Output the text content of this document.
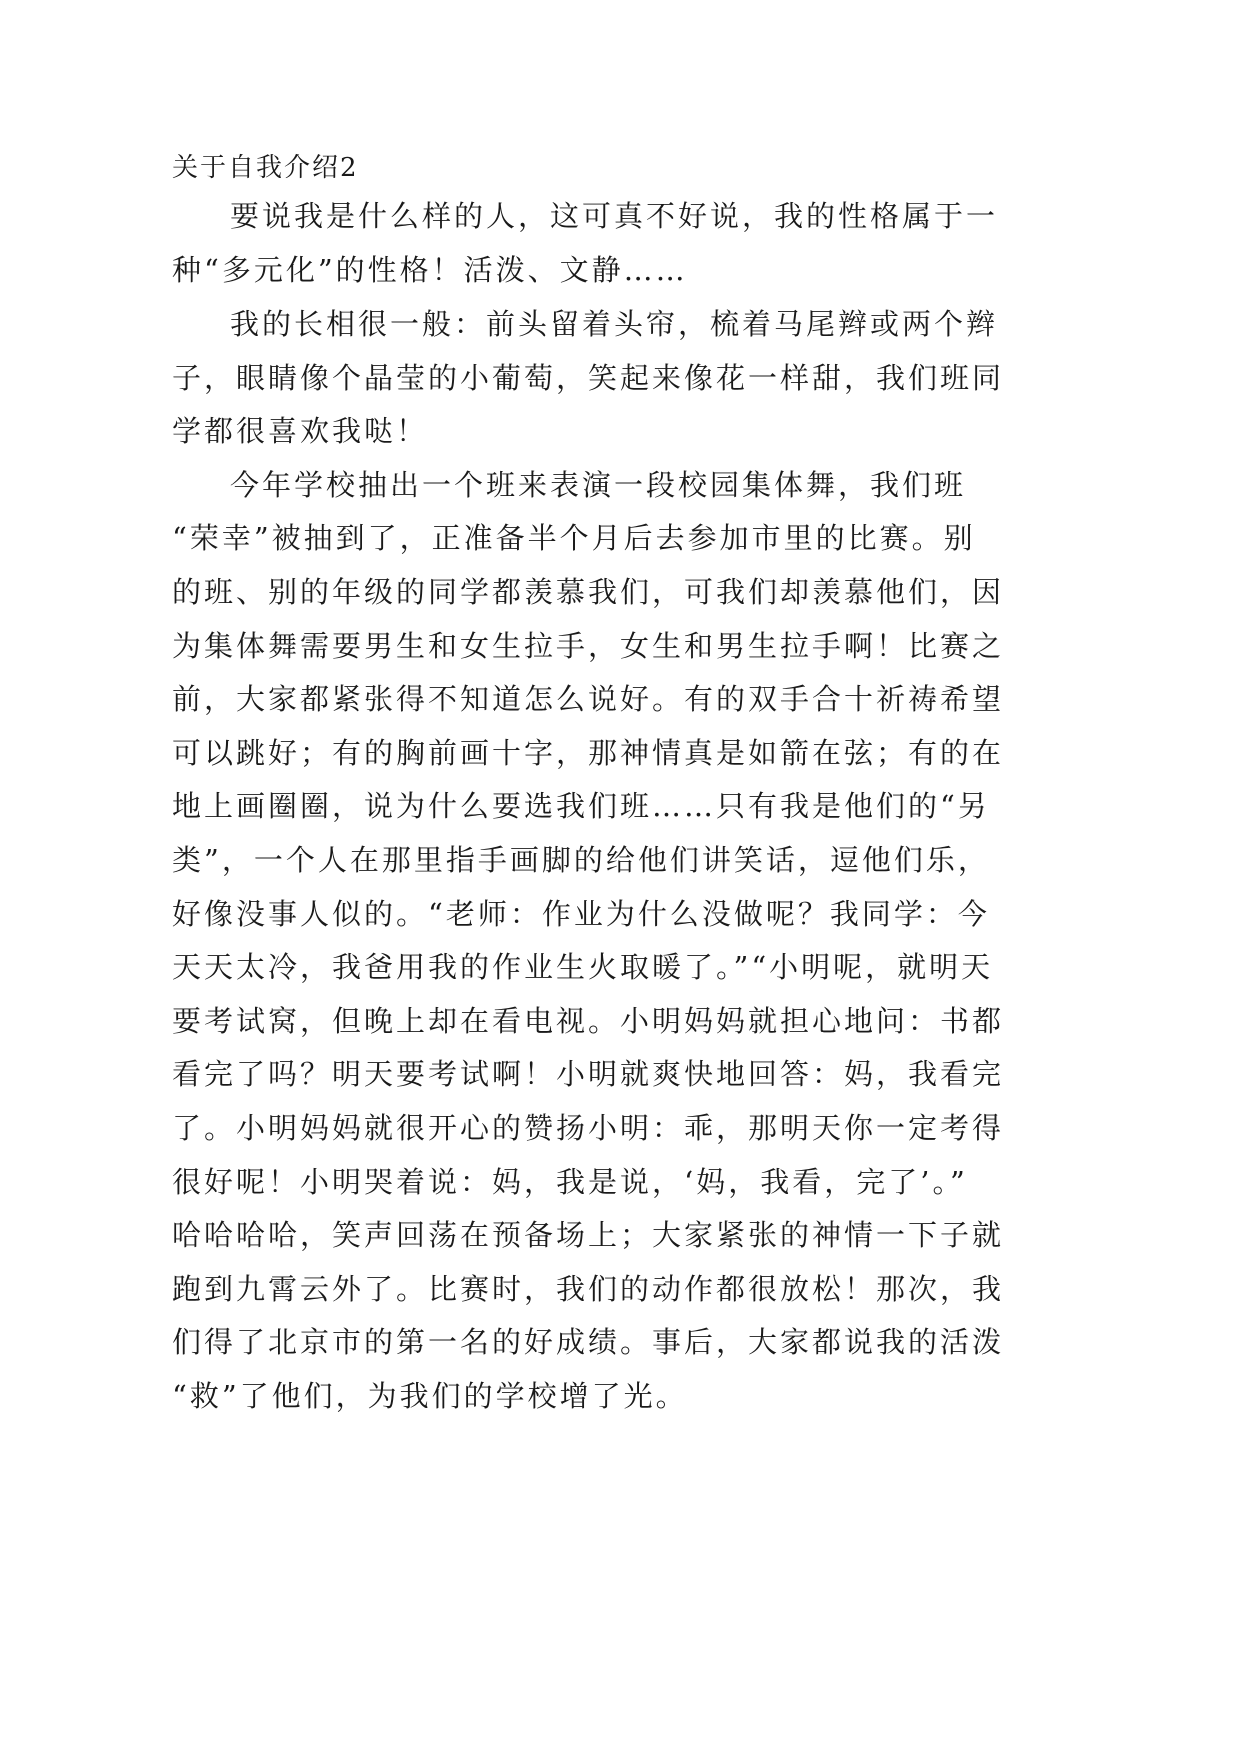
关于自我介绍2
要说我是什么样的人，这可真不好说，我的性格属于一
种“多元化”的性格！活泼、文静……
我的长相很一般：前头留着头帘，梳着马尾辫或两个辫
子，眼睛像个晶莹的小葡萄，笑起来像花一样甜，我们班同
学都很喜欢我哒！
今年学校抽出一个班来表演一段校园集体舞，我们班
“荣幸”被抽到了，正准备半个月后去参加市里的比赛。别
的班、别的年级的同学都羡慕我们，可我们却羡慕他们，因
为集体舞需要男生和女生拉手，女生和男生拉手啊！比赛之
前，大家都紧张得不知道怎么说好。有的双手合十祈祷希望
可以跳好；有的胸前画十字，那神情真是如箭在弦；有的在
地上画圈圈，说为什么要选我们班……只有我是他们的“另
类”，一个人在那里指手画脚的给他们讲笑话，逗他们乐，
好像没事人似的。“老师：作业为什么没做呢？我同学：今
天天太冷，我爸用我的作业生火取暖了。”“小明呢，就明天
要考试窝，但晚上却在看电视。小明妈妈就担心地问：书都
看完了吗？明天要考试啊！小明就爽快地回答：妈，我看完
了。小明妈妈就很开心的赞扬小明：乖，那明天你一定考得
很好呢！小明哭着说：妈，我是说，‘妈，我看，完了’。”
哈哈哈哈，笑声回荡在预备场上；大家紧张的神情一下子就
跑到九霄云外了。比赛时，我们的动作都很放松！那次，我
们得了北京市的第一名的好成绩。事后，大家都说我的活泼
“救”了他们，为我们的学校增了光。
